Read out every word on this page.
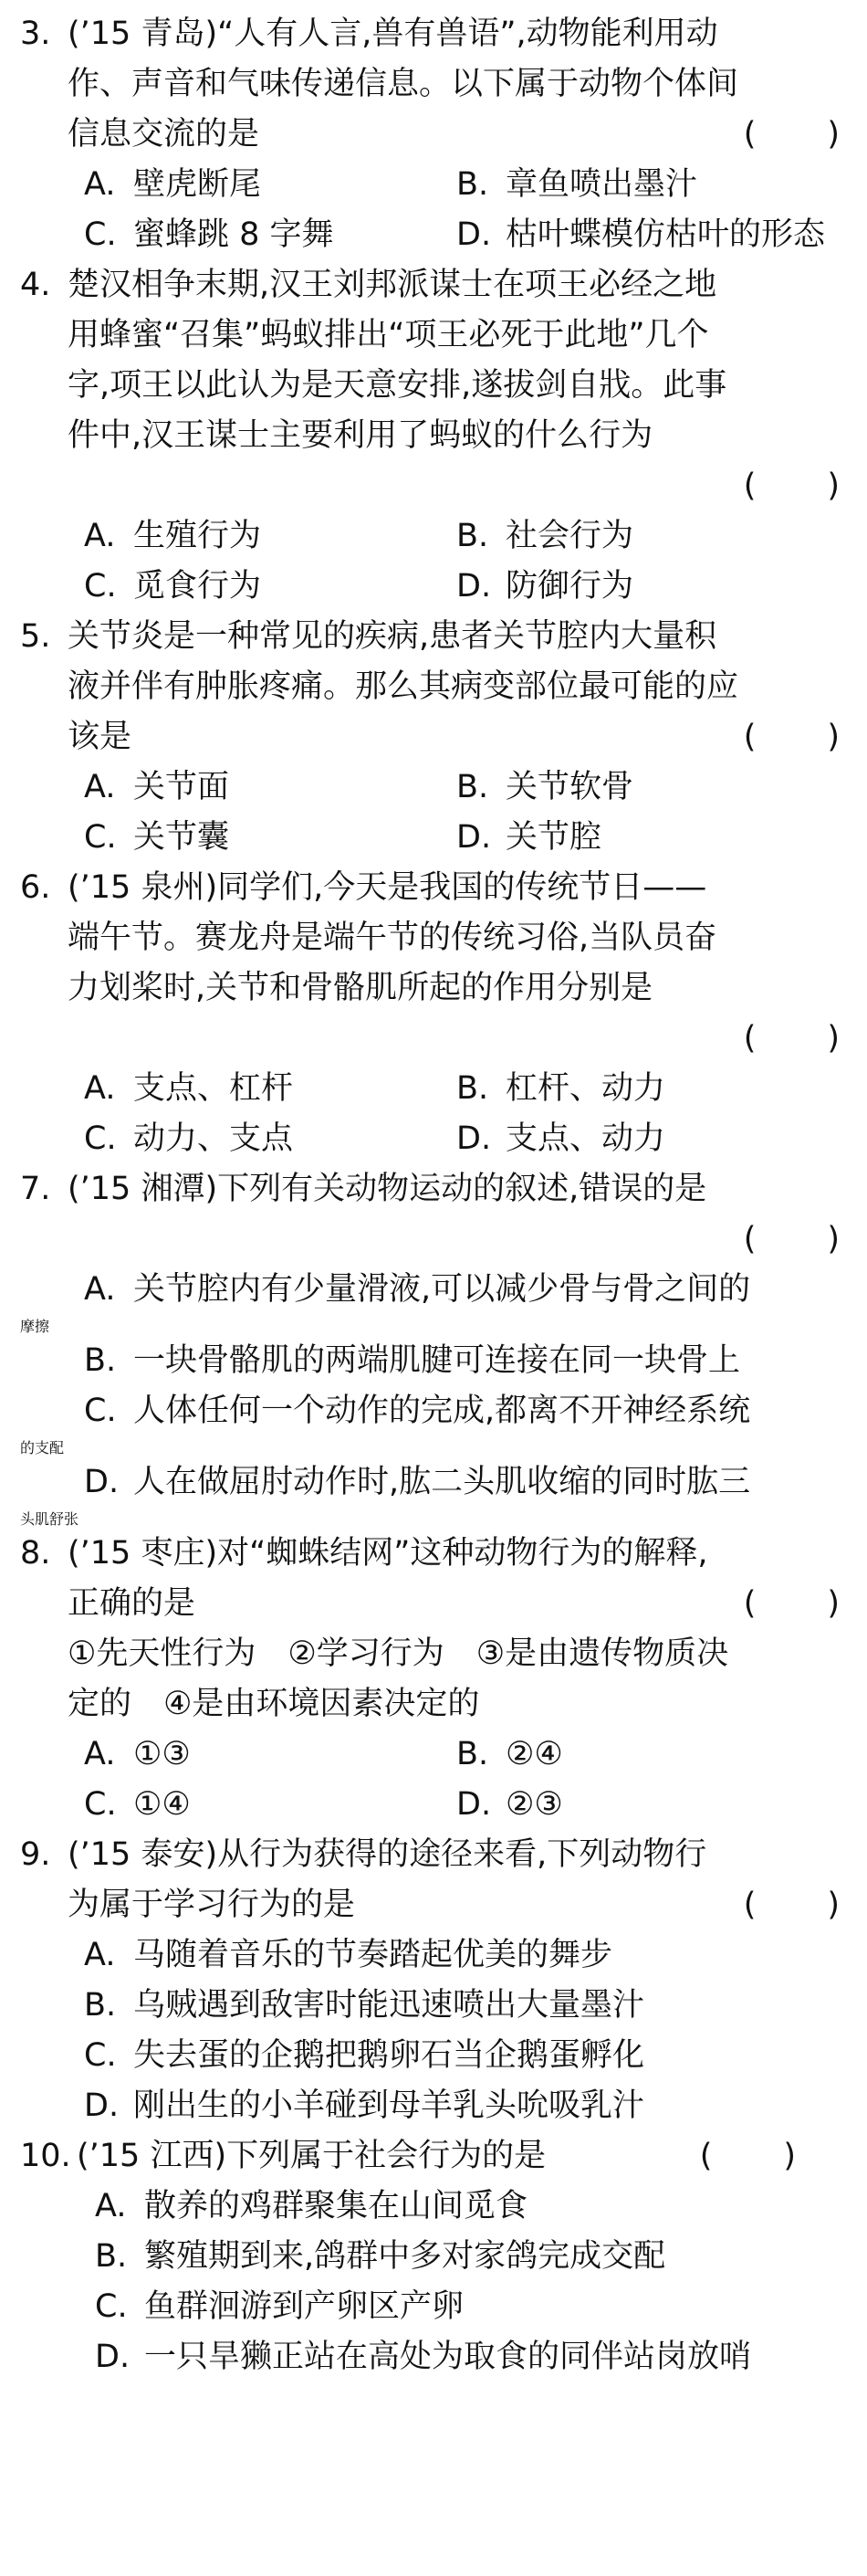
3. (’15 青岛)“人有人言,兽有兽语”,动物能利用动
作、声音和气味传递信息。以下属于动物个体间
信息交流的是	( )
A. 壁虎断尾	B. 章鱼喷出墨汁
C. 蜜蜂跳 8 字舞	D. 枯叶蝶模仿枯叶的形态
4. 楚汉相争末期,汉王刘邦派谋士在项王必经之地
用蜂蜜“召集”蚂蚁排出“项王必死于此地”几个
字,项王以此认为是天意安排,遂拔剑自戕。此事
件中,汉王谋士主要利用了蚂蚁的什么行为
( )
A. 生殖行为	B. 社会行为
C. 觅食行为	D. 防御行为
5. 关节炎是一种常见的疾病,患者关节腔内大量积
液并伴有肿胀疼痛。那么其病变部位最可能的应
该是	( )
A. 关节面	B. 关节软骨
C. 关节囊	D. 关节腔
6. (’15 泉州)同学们,今天是我国的传统节日——
端午节。赛龙舟是端午节的传统习俗,当队员奋
力划桨时,关节和骨骼肌所起的作用分别是
( )
A. 支点、杠杆	B. 杠杆、动力
C. 动力、支点	D. 支点、动力
7. (’15 湘潭)下列有关动物运动的叙述,错误的是
( )
A. 关节腔内有少量滑液,可以减少骨与骨之间的
摩擦
B. 一块骨骼肌的两端肌腱可连接在同一块骨上
C. 人体任何一个动作的完成,都离不开神经系统
的支配
D. 人在做屈肘动作时,肱二头肌收缩的同时肱三
头肌舒张
8. (’15 枣庄)对“蜘蛛结网”这种动物行为的解释,
正确的是	( )
①先天性行为　②学习行为　③是由遗传物质决
定的　④是由环境因素决定的
A. ①③	B. ②④
C. ①④	D. ②③
9. (’15 泰安)从行为获得的途径来看,下列动物行
为属于学习行为的是	( )
A. 马随着音乐的节奏踏起优美的舞步
B. 乌贼遇到敌害时能迅速喷出大量墨汁
C. 失去蛋的企鹅把鹅卵石当企鹅蛋孵化
D. 刚出生的小羊碰到母羊乳头吮吸乳汁
10. (’15 江西)下列属于社会行为的是	( )
A. 散养的鸡群聚集在山间觅食
B. 繁殖期到来,鸽群中多对家鸽完成交配
C. 鱼群洄游到产卵区产卵
D. 一只旱獭正站在高处为取食的同伴站岗放哨
